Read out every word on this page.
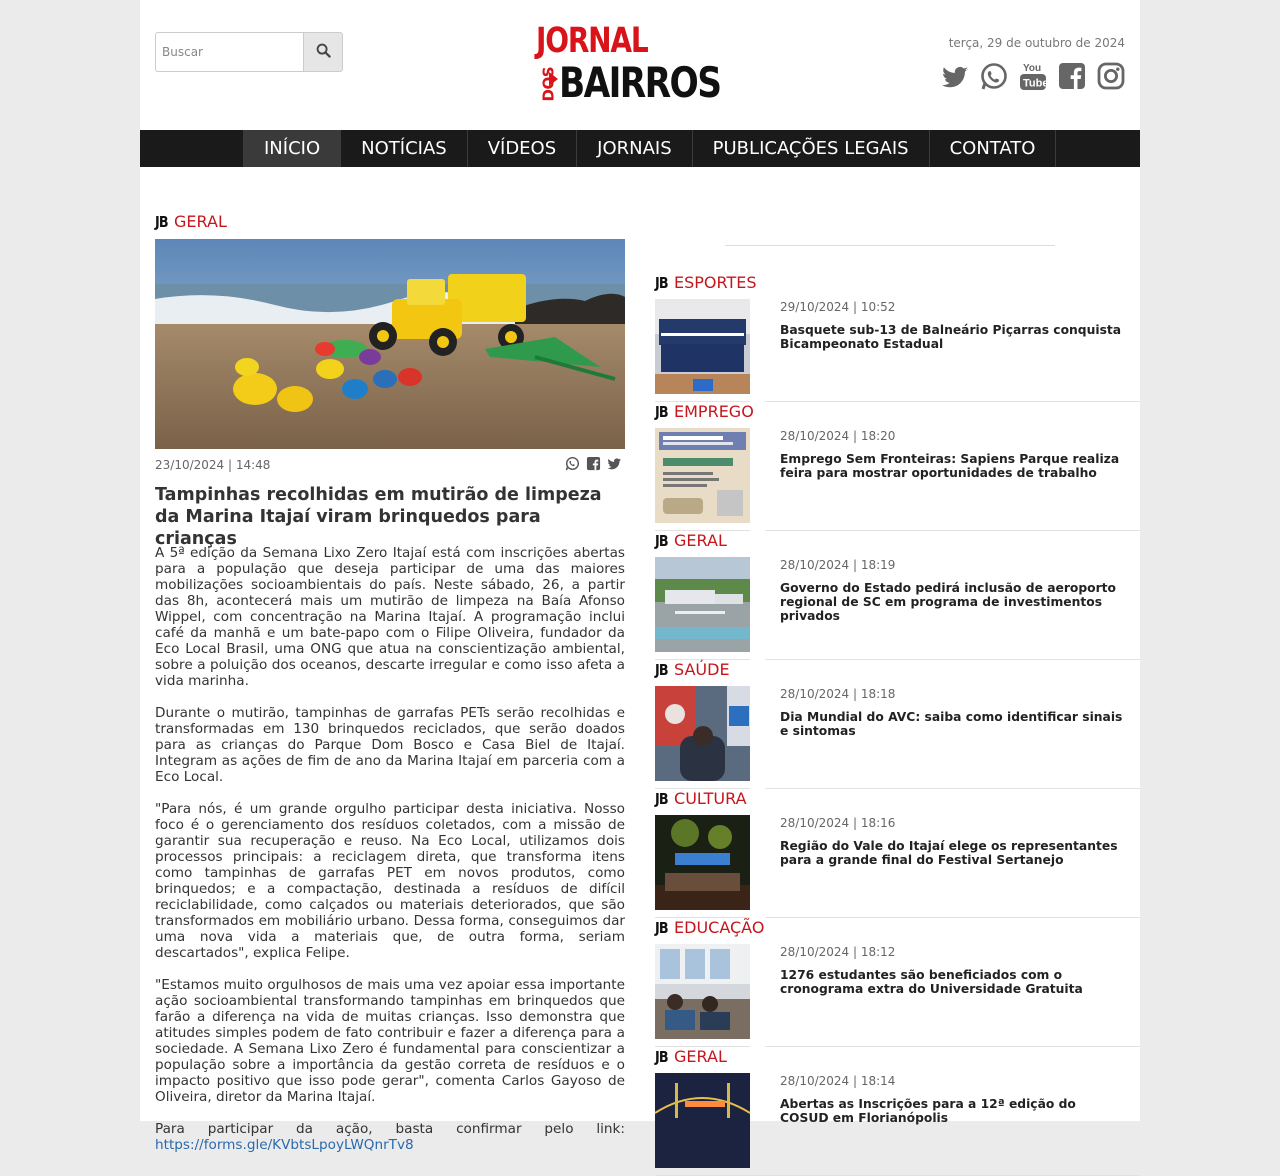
Buscar
JORNAL
DOS BAIRROS
terça, 29 de outubro de 2024
You
Tube
INÍCIO	NOTÍCIAS	VÍDEOS	JORNAIS	PUBLICAÇÕES LEGAIS	CONTATO
JB GERAL
23/10/2024 | 14:48
Tampinhas recolhidas em mutirão de limpeza da Marina Itajaí viram brinquedos para crianças

A 5ª edição da Semana Lixo Zero Itajaí está com inscrições abertas para a população que deseja participar de uma das maiores mobilizações socioambientais do país. Neste sábado, 26, a partir das 8h, acontecerá mais um mutirão de limpeza na Baía Afonso Wippel, com concentração na Marina Itajaí. A programação inclui café da manhã e um bate-papo com o Filipe Oliveira, fundador da Eco Local Brasil, uma ONG que atua na conscientização ambiental, sobre a poluição dos oceanos, descarte irregular e como isso afeta a vida marinha.

Durante o mutirão, tampinhas de garrafas PETs serão recolhidas e transformadas em 130 brinquedos reciclados, que serão doados para as crianças do Parque Dom Bosco e Casa Biel de Itajaí. Integram as ações de fim de ano da Marina Itajaí em parceria com a Eco Local.

"Para nós, é um grande orgulho participar desta iniciativa. Nosso foco é o gerenciamento dos resíduos coletados, com a missão de garantir sua recuperação e reuso. Na Eco Local, utilizamos dois processos principais: a reciclagem direta, que transforma itens como tampinhas de garrafas PET em novos produtos, como brinquedos; e a compactação, destinada a resíduos de difícil reciclabilidade, como calçados ou materiais deteriorados, que são transformados em mobiliário urbano. Dessa forma, conseguimos dar uma nova vida a materiais que, de outra forma, seriam descartados", explica Felipe.

"Estamos muito orgulhosos de mais uma vez apoiar essa importante ação socioambiental transformando tampinhas em brinquedos que farão a diferença na vida de muitas crianças. Isso demonstra que atitudes simples podem de fato contribuir e fazer a diferença para a sociedade. A Semana Lixo Zero é fundamental para conscientizar a população sobre a importância da gestão correta de resíduos e o impacto positivo que isso pode gerar", comenta Carlos Gayoso de Oliveira, diretor da Marina Itajaí.

Para participar da ação, basta confirmar pelo link: https://forms.gle/KVbtsLpoyLWQnrTv8

JB ESPORTES
29/10/2024 | 10:52
Basquete sub-13 de Balneário Piçarras conquista Bicampeonato Estadual
JB EMPREGO
28/10/2024 | 18:20
Emprego Sem Fronteiras: Sapiens Parque realiza feira para mostrar oportunidades de trabalho
JB GERAL
28/10/2024 | 18:19
Governo do Estado pedirá inclusão de aeroporto regional de SC em programa de investimentos privados
JB SAÚDE
28/10/2024 | 18:18
Dia Mundial do AVC: saiba como identificar sinais e sintomas
JB CULTURA
28/10/2024 | 18:16
Região do Vale do Itajaí elege os representantes para a grande final do Festival Sertanejo
JB EDUCAÇÃO
28/10/2024 | 18:12
1276 estudantes são beneficiados com o cronograma extra do Universidade Gratuita
JB GERAL
28/10/2024 | 18:14
Abertas as Inscrições para a 12ª edição do COSUD em Florianópolis
